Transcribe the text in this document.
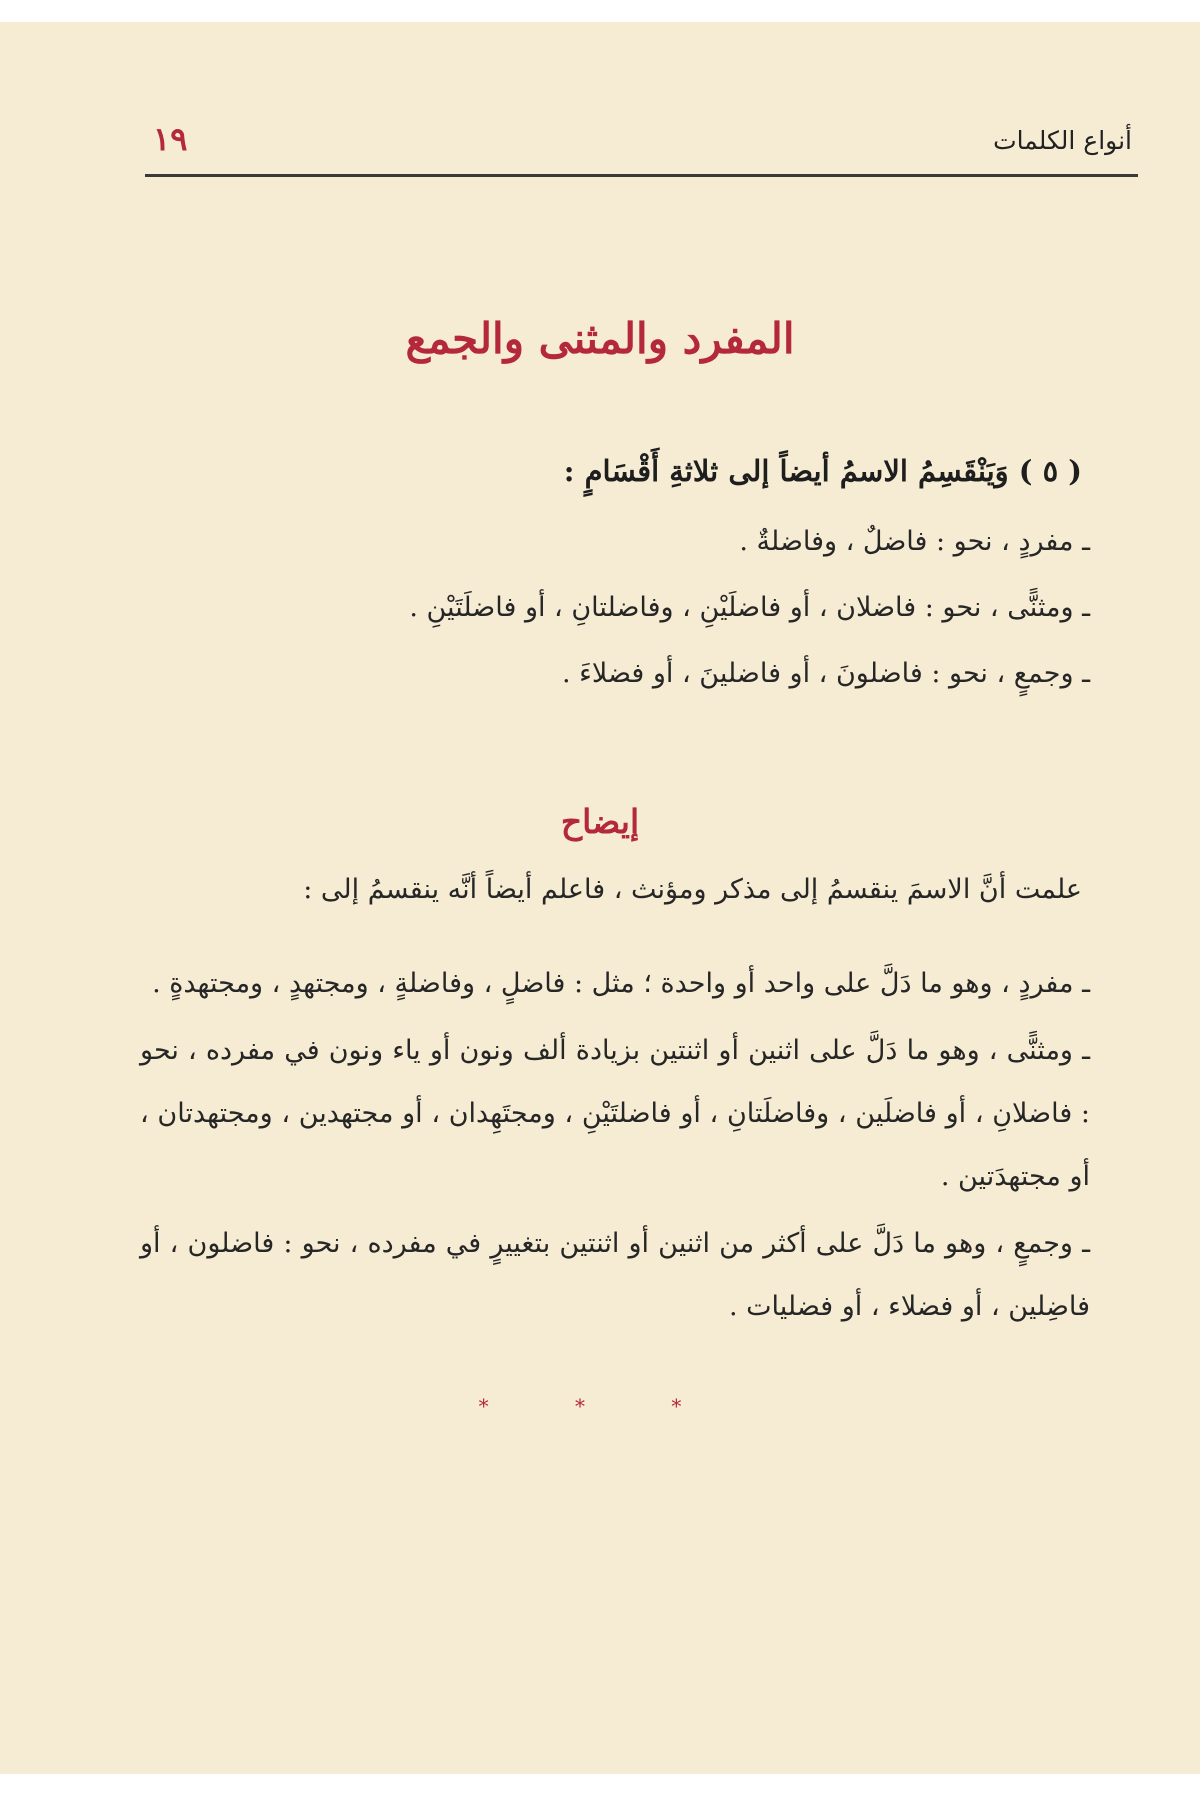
أنواع الكلمات
١٩
المفرد والمثنى والجمع
( ٥ ) وَيَنْقَسِمُ الاسمُ أيضاً إلى ثلاثةِ أَقْسَامٍ :
ـ مفردٍ ، نحو : فاضلٌ ، وفاضلةٌ .
ـ ومثنًّى ، نحو : فاضلان ، أو فاضلَيْنِ ، وفاضلتانِ ، أو فاضلَتَيْنِ .
ـ وجمعٍ ، نحو : فاضلونَ ، أو فاضلينَ ، أو فضلاءَ .
إيضاح
علمت أنَّ الاسمَ ينقسمُ إلى مذكر ومؤنث ، فاعلم أيضاً أنَّه ينقسمُ إلى :
ـ مفردٍ ، وهو ما دَلَّ على واحد أو واحدة ؛ مثل : فاضلٍ ، وفاضلةٍ ، ومجتهدٍ ، ومجتهدةٍ .
ـ ومثنًّى ، وهو ما دَلَّ على اثنين أو اثنتين بزيادة ألف ونون أو ياء ونون في مفرده ، نحو : فاضلانِ ، أو فاضلَين ، وفاضلَتانِ ، أو فاضلتَيْنِ ، ومجتَهِدان ، أو مجتهدين ، ومجتهدتان ، أو مجتهدَتين .
ـ وجمعٍ ، وهو ما دَلَّ على أكثر من اثنين أو اثنتين بتغييرٍ في مفرده ، نحو : فاضلون ، أو فاضِلين ، أو فضلاء ، أو فضليات .
* * *
